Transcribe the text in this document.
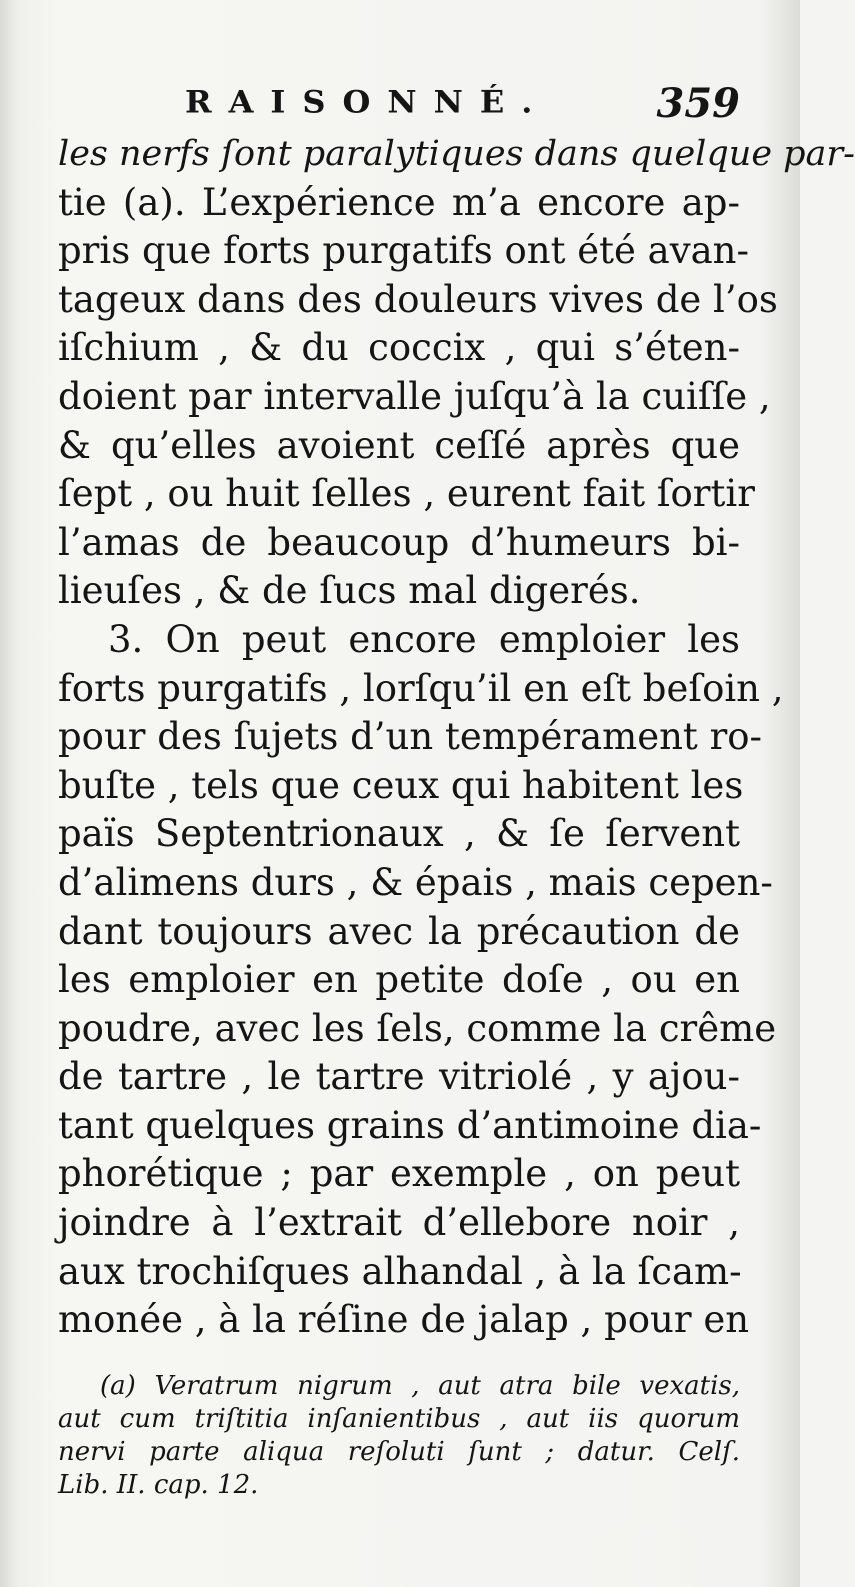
RAISONNÉ.	359
les nerfs ſont paralytiques dans quelque par-
tie (a). L’expérience m’a encore ap-
pris que forts purgatifs ont été avan-
tageux dans des douleurs vives de l’os
iſchium , & du coccix , qui s’éten-
doient par intervalle juſqu’à la cuiſſe ,
& qu’elles avoient ceſſé après que
ſept , ou huit ſelles , eurent fait ſortir
l’amas de beaucoup d’humeurs bi-
lieuſes , & de ſucs mal digerés.
3. On peut encore emploier les
forts purgatifs , lorſqu’il en eſt beſoin ,
pour des ſujets d’un tempérament ro-
buſte , tels que ceux qui habitent les
païs Septentrionaux , & ſe ſervent
d’alimens durs , & épais , mais cepen-
dant toujours avec la précaution de
les emploier en petite doſe , ou en
poudre, avec les ſels, comme la crême
de tartre , le tartre vitriolé , y ajou-
tant quelques grains d’antimoine dia-
phorétique ; par exemple , on peut
joindre à l’extrait d’ellebore noir ,
aux trochiſques alhandal , à la ſcam-
monée , à la réſine de jalap , pour en
(a) Veratrum nigrum , aut atra bile vexatis,
aut cum triſtitia inſanientibus , aut iis quorum
nervi parte aliqua reſoluti ſunt ; datur. Celſ.
Lib. II. cap. 12.
